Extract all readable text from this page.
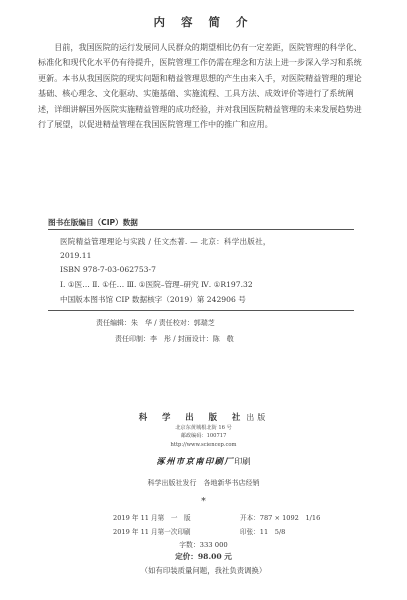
内 容 简 介

目前，我国医院的运行发展同人民群众的期望相比仍有一定差距，医院管理的科学化、标准化和现代化水平仍有待提升，医院管理工作仍需在理念和方法上进一步深入学习和系统更新。本书从我国医院的现实问题和精益管理思想的产生由来入手，对医院精益管理的理论基础、核心理念、文化驱动、实施基础、实施流程、工具方法、成效评价等进行了系统阐述，详细讲解国外医院实施精益管理的成功经验，并对我国医院精益管理的未来发展趋势进行了展望，以促进精益管理在我国医院管理工作中的推广和应用。

图书在版编目（CIP）数据
医院精益管理理论与实践 / 任文杰著. — 北京：科学出版社，
2019.11
ISBN 978-7-03-062753-7
Ⅰ. ①医… Ⅱ. ①任… Ⅲ. ①医院–管理–研究 Ⅳ. ①R197.32
中国版本图书馆 CIP 数据核字（2019）第 242906 号
责任编辑：朱　华 / 责任校对：郭瑞芝
责任印制：李　彤 / 封面设计：陈　敬
科 学 出 版 社出版
北京东黄城根北街 16 号
邮政编码：100717
http://www.sciencep.com
涿州市京南印刷厂印刷
科学出版社发行　各地新华书店经销
*
2019 年 11 月第　一　版	开本：787 × 1092　1/16
2019 年 11 月第一次印刷	印张：11　5/8
字数：333 000
定价：98.00 元
（如有印装质量问题，我社负责调换）
